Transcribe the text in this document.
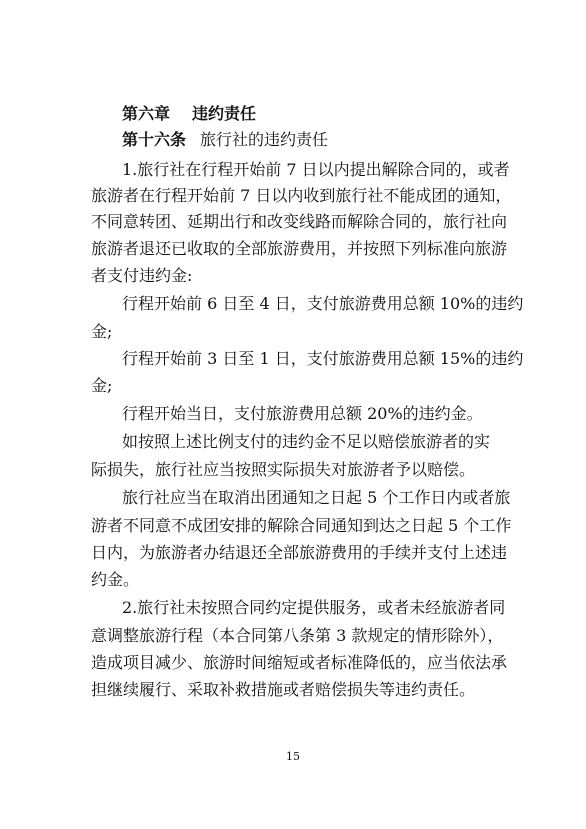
第六章 违约责任
第十六条 旅行社的违约责任
1.旅行社在行程开始前 7 日以内提出解除合同的，或者
旅游者在行程开始前 7 日以内收到旅行社不能成团的通知，
不同意转团、延期出行和改变线路而解除合同的，旅行社向
旅游者退还已收取的全部旅游费用，并按照下列标准向旅游
者支付违约金:
行程开始前 6 日至 4 日，支付旅游费用总额 10%的违约
金;
行程开始前 3 日至 1 日，支付旅游费用总额 15%的违约
金;
行程开始当日，支付旅游费用总额 20%的违约金。
如按照上述比例支付的违约金不足以赔偿旅游者的实
际损失，旅行社应当按照实际损失对旅游者予以赔偿。
旅行社应当在取消出团通知之日起 5 个工作日内或者旅
游者不同意不成团安排的解除合同通知到达之日起 5 个工作
日内，为旅游者办结退还全部旅游费用的手续并支付上述违
约金。
2.旅行社未按照合同约定提供服务，或者未经旅游者同
意调整旅游行程（本合同第八条第 3 款规定的情形除外），
造成项目减少、旅游时间缩短或者标准降低的，应当依法承
担继续履行、采取补救措施或者赔偿损失等违约责任。
15
